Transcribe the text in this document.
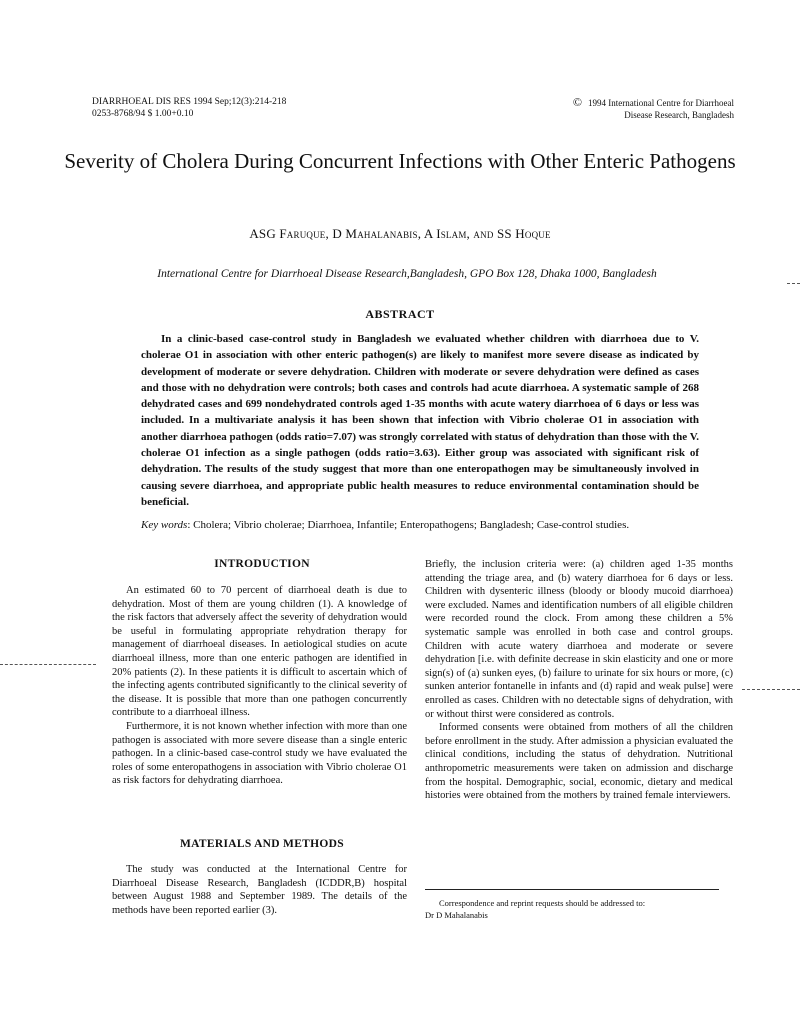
DIARRHOEAL DIS RES 1994 Sep;12(3):214-218
0253-8768/94 $ 1.00+0.10
© 1994 International Centre for Diarrhoeal
Disease Research, Bangladesh
Severity of Cholera During Concurrent Infections with Other Enteric Pathogens
ASG Faruque, D Mahalanabis, A Islam, and SS Hoque
International Centre for Diarrhoeal Disease Research,Bangladesh, GPO Box 128, Dhaka 1000, Bangladesh
ABSTRACT
In a clinic-based case-control study in Bangladesh we evaluated whether children with diarrhoea due to V. cholerae O1 in association with other enteric pathogen(s) are likely to manifest more severe disease as indicated by development of moderate or severe dehydration. Children with moderate or severe dehydration were defined as cases and those with no dehydration were controls; both cases and controls had acute diarrhoea. A systematic sample of 268 dehydrated cases and 699 nondehydrated controls aged 1-35 months with acute watery diarrhoea of 6 days or less was included. In a multivariate analysis it has been shown that infection with Vibrio cholerae O1 in association with another diarrhoea pathogen (odds ratio=7.07) was strongly correlated with status of dehydration than those with the V. cholerae O1 infection as a single pathogen (odds ratio=3.63). Either group was associated with significant risk of dehydration. The results of the study suggest that more than one enteropathogen may be simultaneously involved in causing severe diarrhoea, and appropriate public health measures to reduce environmental contamination should be beneficial.
Key words: Cholera; Vibrio cholerae; Diarrhoea, Infantile; Enteropathogens; Bangladesh; Case-control studies.
INTRODUCTION

An estimated 60 to 70 percent of diarrhoeal death is due to dehydration. Most of them are young children (1). A knowledge of the risk factors that adversely affect the severity of dehydration would be useful in formulating appropriate rehydration therapy for management of diarrhoeal diseases. In aetiological studies on acute diarrhoeal illness, more than one enteric pathogen are identified in 20% patients (2). In these patients it is difficult to ascertain which of the infecting agents contributed significantly to the clinical severity of the disease. It is possible that more than one pathogen concurrently contribute to a diarrhoeal illness.

Furthermore, it is not known whether infection with more than one pathogen is associated with more severe disease than a single enteric pathogen. In a clinic-based case-control study we have evaluated the roles of some enteropathogens in association with Vibrio cholerae O1 as risk factors for dehydrating diarrhoea.

MATERIALS AND METHODS

The study was conducted at the International Centre for Diarrhoeal Disease Research, Bangladesh (ICDDR,B) hospital between August 1988 and September 1989. The details of the methods have been reported earlier (3).

Briefly, the inclusion criteria were: (a) children aged 1-35 months attending the triage area, and (b) watery diarrhoea for 6 days or less. Children with dysenteric illness (bloody or bloody mucoid diarrhoea) were excluded. Names and identification numbers of all eligible children were recorded round the clock. From among these children a 5% systematic sample was enrolled in both case and control groups. Children with acute watery diarrhoea and moderate or severe dehydration [i.e. with definite decrease in skin elasticity and one or more sign(s) of (a) sunken eyes, (b) failure to urinate for six hours or more, (c) sunken anterior fontanelle in infants and (d) rapid and weak pulse] were enrolled as cases. Children with no detectable signs of dehydration, with or without thirst were considered as controls.

Informed consents were obtained from mothers of all the children before enrollment in the study. After admission a physician evaluated the clinical conditions, including the status of dehydration. Nutritional anthropometric measurements were taken on admission and discharge from the hospital. Demographic, social, economic, dietary and medical histories were obtained from the mothers by trained female interviewers.

Correspondence and reprint requests should be addressed to:
Dr D Mahalanabis
